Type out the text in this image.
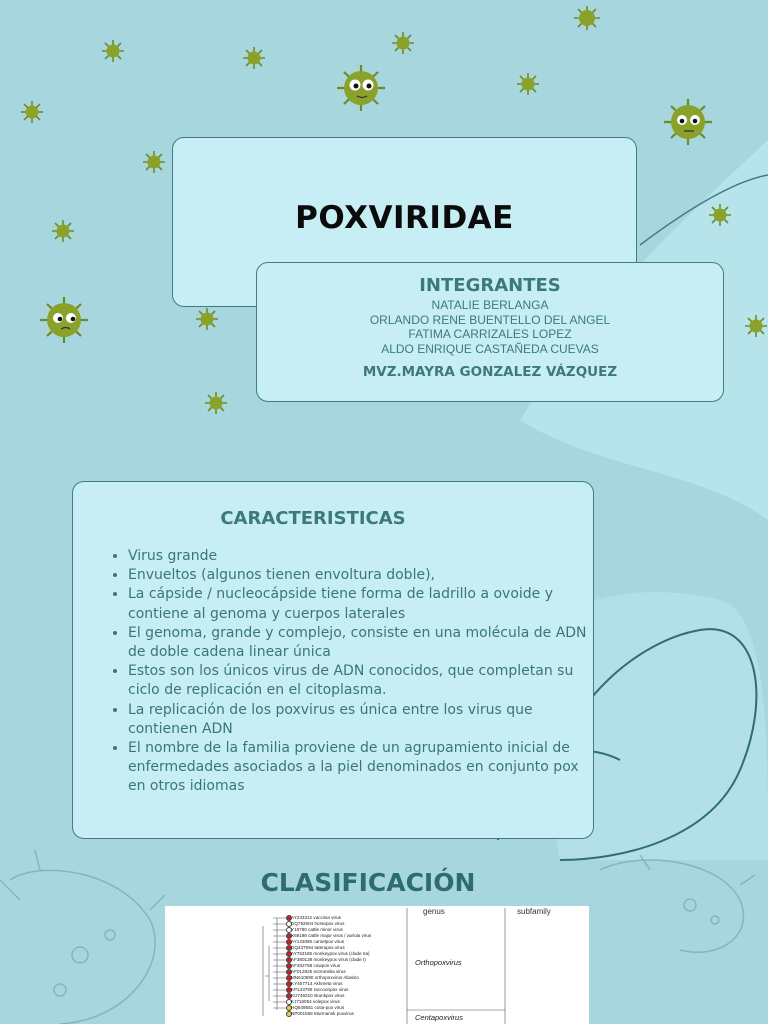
POXVIRIDAE
INTEGRANTES
NATALIE BERLANGA
ORLANDO RENE BUENTELLO DEL ANGEL
FATIMA CARRIZALES LOPEZ
ALDO ENRIQUE CASTAÑEDA CUEVAS
MVZ.MAYRA GONZALEZ VÁZQUEZ
CARACTERISTICAS
• Virus grande
• Envueltos (algunos tienen envoltura doble),
• La cápside / nucleocápside tiene forma de ladrillo a ovoide y contiene al genoma y cuerpos laterales
• El genoma, grande y complejo, consiste en una molécula de ADN de doble cadena linear única
• Estos son los únicos virus de ADN conocidos, que completan su ciclo de replicación en el citoplasma.
• La replicación de los poxvirus es única entre los virus que contienen ADN
• El nombre de la familia proviene de un agrupamiento inicial de enfermedades asociados a la piel denominados en conjunto pox en otros idiomas
CLASIFICACIÓN
genus	subfamily
Orthopoxvirus
Centapoxvirus
AY243312 vaccinia virus
DQ792504 horsepox virus
Y16780 cattle minor virus
X69198 cattle major virus / variola virus
AY143085 camelpox virus
DQ437594 taterapox virus
AY753185 monkeypox virus (clade IIa)
AF380138 monkeypox virus (clade I)
AF482758 cowpox virus
AF012825 ectromelia virus
MN610590 orthopoxvirus Abatino
KY467714 Akhmeta virus
KP143769 raccoonpox virus
KU749310 skunkpox virus
KJ716054 volepox virus
HQ849551 cotia-pox virus
NP001558 Murmansk poxvirus
